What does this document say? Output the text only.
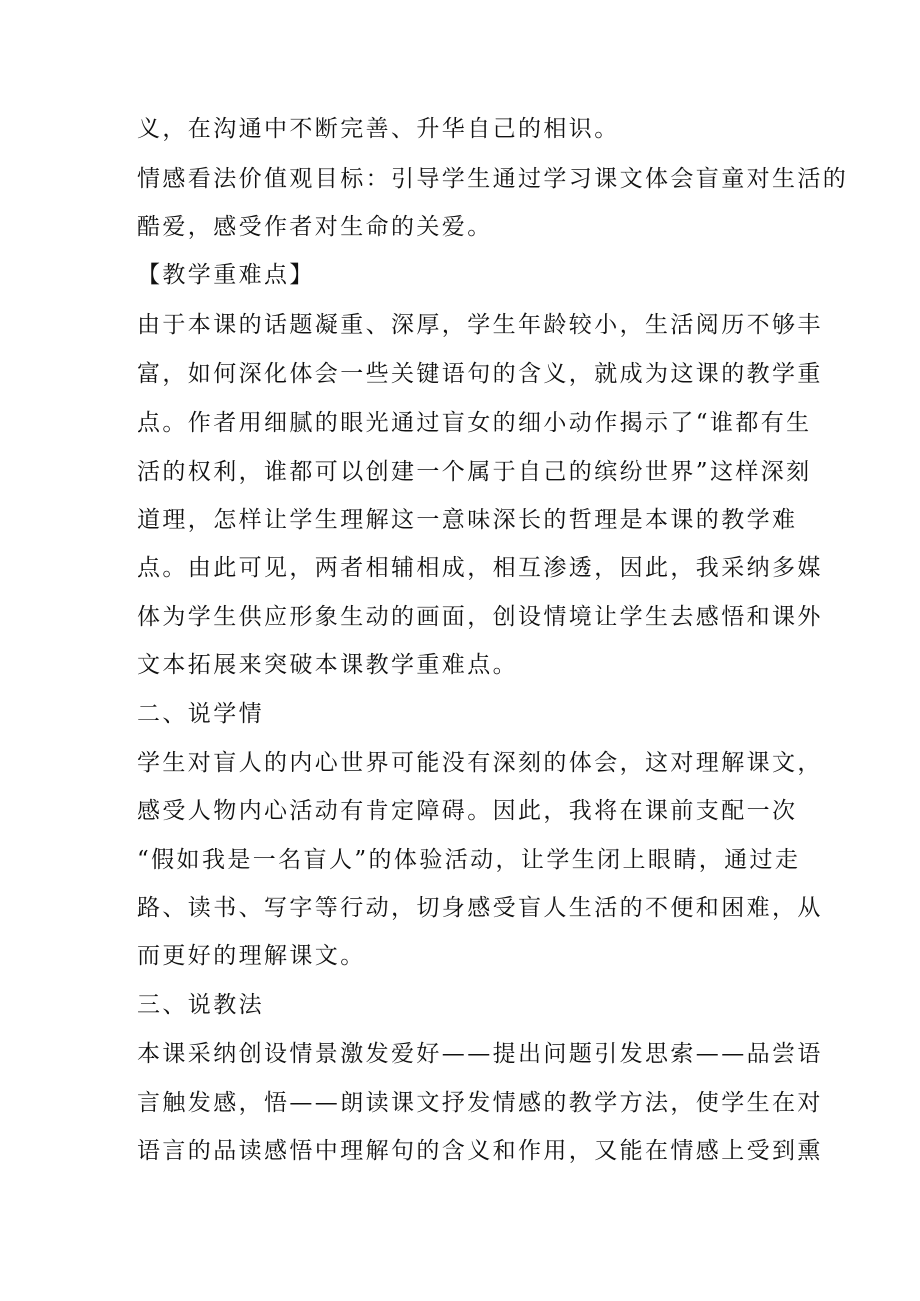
义，在沟通中不断完善、升华自己的相识。
情感看法价值观目标：引导学生通过学习课文体会盲童对生活的
酷爱，感受作者对生命的关爱。
【教学重难点】
由于本课的话题凝重、深厚，学生年龄较小，生活阅历不够丰
富，如何深化体会一些关键语句的含义，就成为这课的教学重
点。作者用细腻的眼光通过盲女的细小动作揭示了“谁都有生
活的权利，谁都可以创建一个属于自己的缤纷世界”这样深刻
道理，怎样让学生理解这一意味深长的哲理是本课的教学难
点。由此可见，两者相辅相成，相互渗透，因此，我采纳多媒
体为学生供应形象生动的画面，创设情境让学生去感悟和课外
文本拓展来突破本课教学重难点。
二、说学情
学生对盲人的内心世界可能没有深刻的体会，这对理解课文，
感受人物内心活动有肯定障碍。因此，我将在课前支配一次
“假如我是一名盲人”的体验活动，让学生闭上眼睛，通过走
路、读书、写字等行动，切身感受盲人生活的不便和困难，从
而更好的理解课文。
三、说教法
本课采纳创设情景激发爱好——提出问题引发思索——品尝语
言触发感，悟——朗读课文抒发情感的教学方法，使学生在对
语言的品读感悟中理解句的含义和作用，又能在情感上受到熏
